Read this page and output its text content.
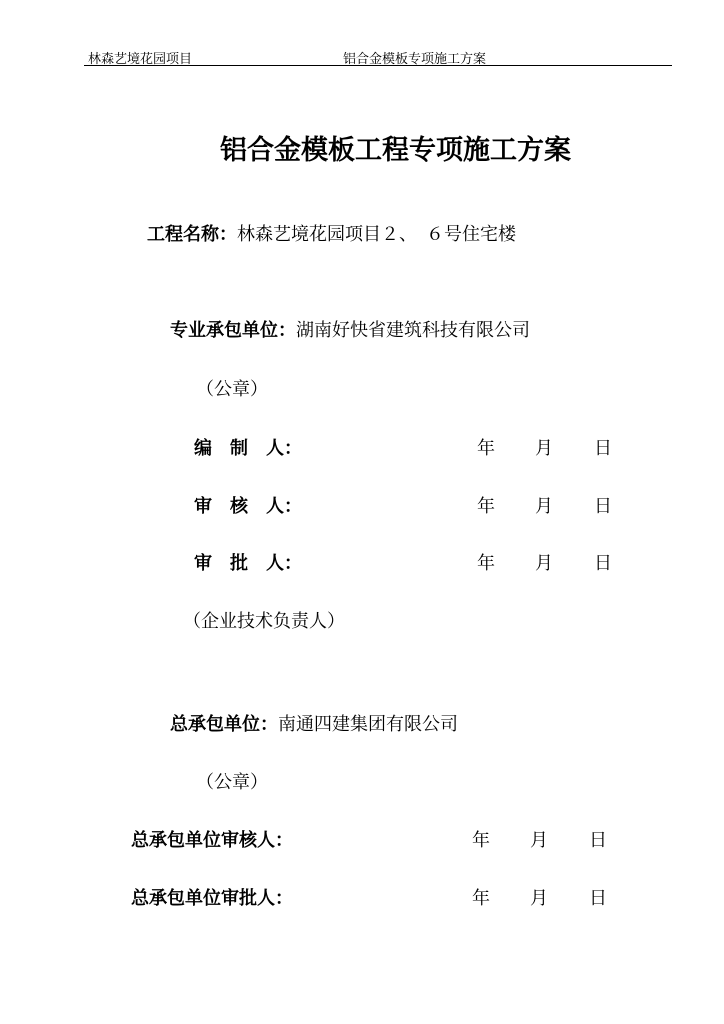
林森艺境花园项目	铝合金模板专项施工方案
铝合金模板工程专项施工方案
工程名称：林森艺境花园项目２、　６号住宅楼
专业承包单位：湖南好快省建筑科技有限公司
（公章）
编　制　人：	年 月 日
审　核　人：	年 月 日
审　批　人：	年 月 日
（企业技术负责人）
总承包单位：南通四建集团有限公司
（公章）
总承包单位审核人：	年 月 日
总承包单位审批人：	年 月 日
